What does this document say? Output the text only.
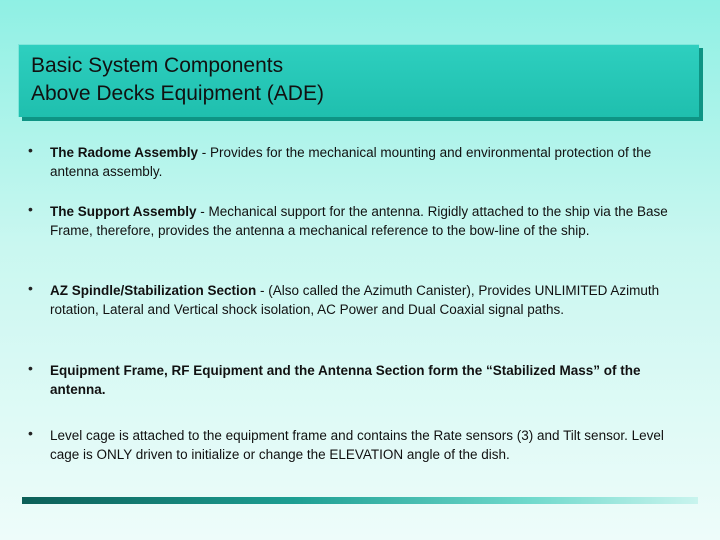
Basic System Components
Above Decks Equipment (ADE)
• The Radome Assembly - Provides for the mechanical mounting and environmental protection of the antenna assembly.
• The Support Assembly - Mechanical support for the antenna. Rigidly attached to the ship via the Base Frame, therefore, provides the antenna a mechanical reference to the bow-line of the ship.
• AZ Spindle/Stabilization Section - (Also called the Azimuth Canister), Provides UNLIMITED Azimuth rotation, Lateral and Vertical shock isolation, AC Power and Dual Coaxial signal paths.
• Equipment Frame, RF Equipment and the Antenna Section form the “Stabilized Mass” of the antenna.
• Level cage is attached to the equipment frame and contains the Rate sensors (3) and Tilt sensor. Level cage is ONLY driven to initialize or change the ELEVATION angle of the dish.
